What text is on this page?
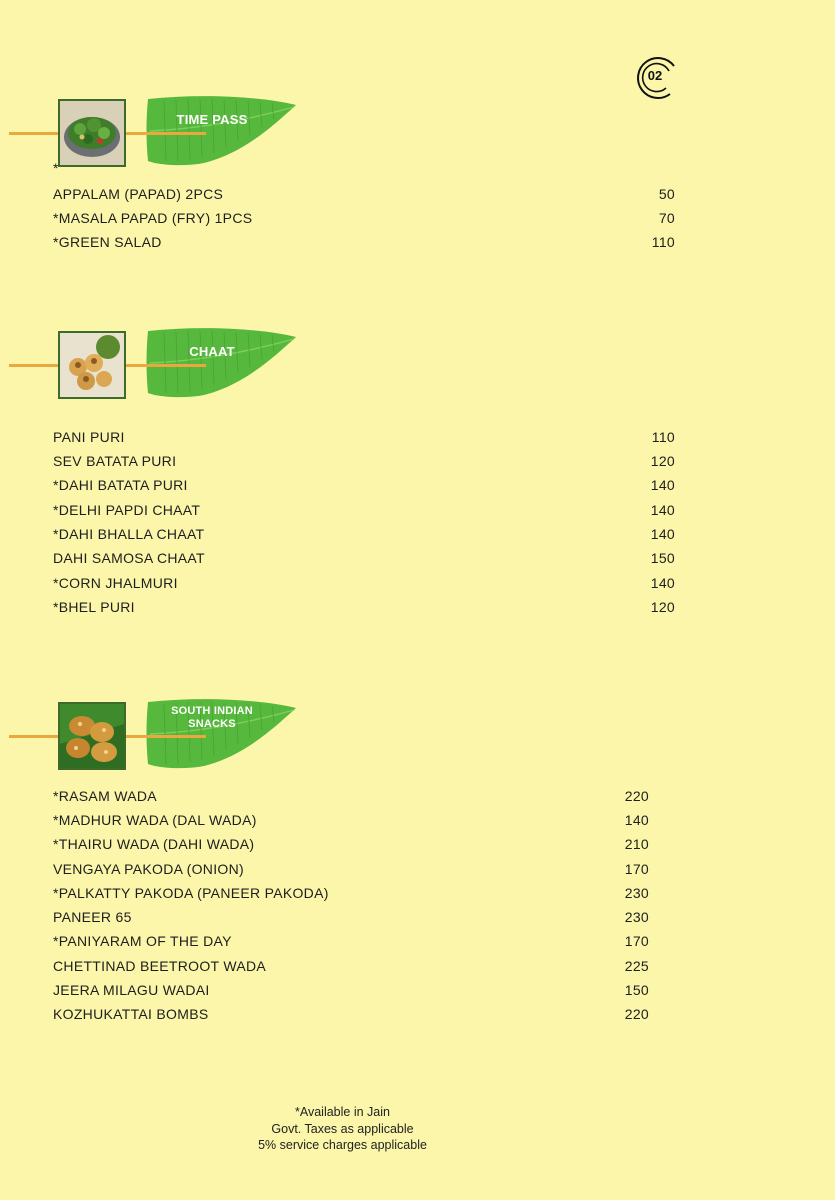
02
TIME PASS
*
APPALAM (PAPAD) 2PCS	50
*MASALA PAPAD (FRY) 1PCS	70
*GREEN SALAD	110
CHAAT
PANI PURI	110
SEV BATATA PURI	120
*DAHI BATATA PURI	140
*DELHI PAPDI CHAAT	140
*DAHI BHALLA CHAAT	140
DAHI SAMOSA CHAAT	150
*CORN JHALMURI	140
*BHEL PURI	120
SOUTH INDIAN
SNACKS
*RASAM WADA	220
*MADHUR WADA (DAL WADA)	140
*THAIRU WADA (DAHI WADA)	210
VENGAYA PAKODA (ONION)	170
*PALKATTY PAKODA (PANEER PAKODA)	230
PANEER 65	230
*PANIYARAM OF THE DAY	170
CHETTINAD BEETROOT WADA	225
JEERA MILAGU WADAI	150
KOZHUKATTAI BOMBS	220
*Available in Jain
Govt. Taxes as applicable
5% service charges applicable
